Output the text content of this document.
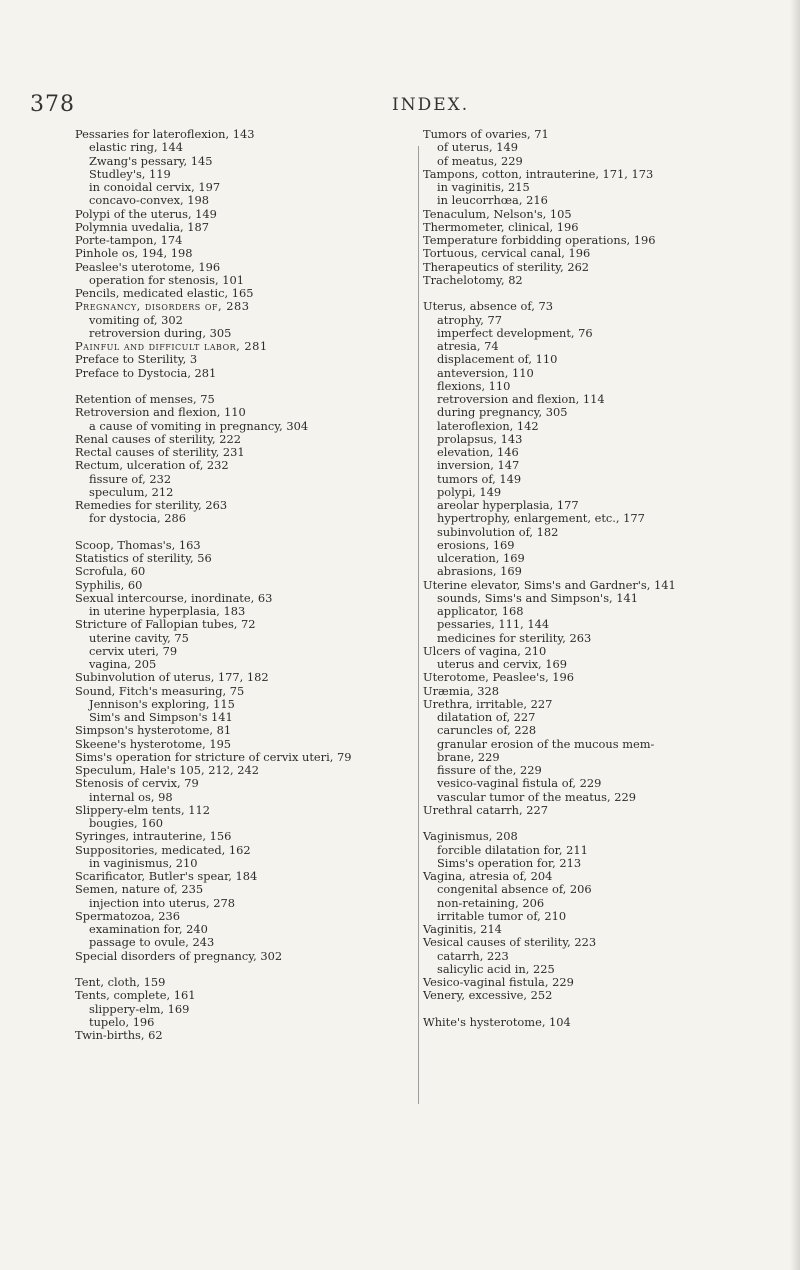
378	INDEX.
Pessaries for lateroflexion, 143
elastic ring, 144
Zwang's pessary, 145
Studley's, 119
in conoidal cervix, 197
concavo-convex, 198
Polypi of the uterus, 149
Polymnia uvedalia, 187
Porte-tampon, 174
Pinhole os, 194, 198
Peaslee's uterotome, 196
operation for stenosis, 101
Pencils, medicated elastic, 165
Pregnancy, disorders of, 283
vomiting of, 302
retroversion during, 305
Painful and difficult labor, 281
Preface to Sterility, 3
Preface to Dystocia, 281
Retention of menses, 75
Retroversion and flexion, 110
a cause of vomiting in pregnancy, 304
Renal causes of sterility, 222
Rectal causes of sterility, 231
Rectum, ulceration of, 232
fissure of, 232
speculum, 212
Remedies for sterility, 263
for dystocia, 286
Scoop, Thomas's, 163
Statistics of sterility, 56
Scrofula, 60
Syphilis, 60
Sexual intercourse, inordinate, 63
in uterine hyperplasia, 183
Stricture of Fallopian tubes, 72
uterine cavity, 75
cervix uteri, 79
vagina, 205
Subinvolution of uterus, 177, 182
Sound, Fitch's measuring, 75
Jennison's exploring, 115
Sim's and Simpson's 141
Simpson's hysterotome, 81
Skeene's hysterotome, 195
Sims's operation for stricture of cervix uteri, 79
Speculum, Hale's 105, 212, 242
Stenosis of cervix, 79
internal os, 98
Slippery-elm tents, 112
bougies, 160
Syringes, intrauterine, 156
Suppositories, medicated, 162
in vaginismus, 210
Scarificator, Butler's spear, 184
Semen, nature of, 235
injection into uterus, 278
Spermatozoa, 236
examination for, 240
passage to ovule, 243
Special disorders of pregnancy, 302
Tent, cloth, 159
Tents, complete, 161
slippery-elm, 169
tupelo, 196
Twin-births, 62
Tumors of ovaries, 71
of uterus, 149
of meatus, 229
Tampons, cotton, intrauterine, 171, 173
in vaginitis, 215
in leucorrhœa, 216
Tenaculum, Nelson's, 105
Thermometer, clinical, 196
Temperature forbidding operations, 196
Tortuous, cervical canal, 196
Therapeutics of sterility, 262
Trachelotomy, 82
Uterus, absence of, 73
atrophy, 77
imperfect development, 76
atresia, 74
displacement of, 110
anteversion, 110
flexions, 110
retroversion and flexion, 114
during pregnancy, 305
lateroflexion, 142
prolapsus, 143
elevation, 146
inversion, 147
tumors of, 149
polypi, 149
areolar hyperplasia, 177
hypertrophy, enlargement, etc., 177
subinvolution of, 182
erosions, 169
ulceration, 169
abrasions, 169
Uterine elevator, Sims's and Gardner's, 141
sounds, Sims's and Simpson's, 141
applicator, 168
pessaries, 111, 144
medicines for sterility, 263
Ulcers of vagina, 210
uterus and cervix, 169
Uterotome, Peaslee's, 196
Uræmia, 328
Urethra, irritable, 227
dilatation of, 227
caruncles of, 228
granular erosion of the mucous mem-
brane, 229
fissure of the, 229
vesico-vaginal fistula of, 229
vascular tumor of the meatus, 229
Urethral catarrh, 227
Vaginismus, 208
forcible dilatation for, 211
Sims's operation for, 213
Vagina, atresia of, 204
congenital absence of, 206
non-retaining, 206
irritable tumor of, 210
Vaginitis, 214
Vesical causes of sterility, 223
catarrh, 223
salicylic acid in, 225
Vesico-vaginal fistula, 229
Venery, excessive, 252
White's hysterotome, 104
